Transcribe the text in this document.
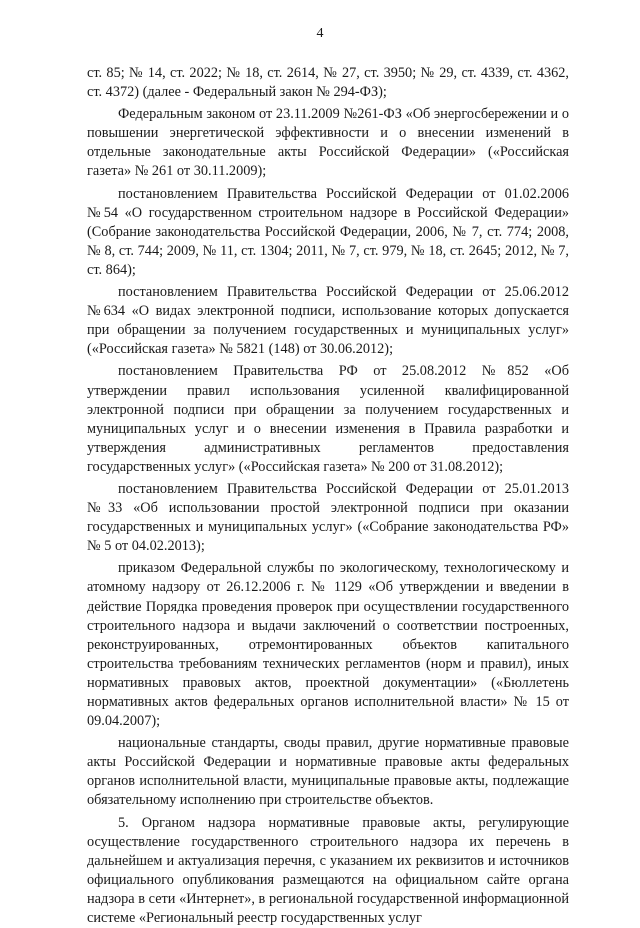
4

ст. 85; № 14, ст. 2022; № 18, ст. 2614, № 27, ст. 3950; № 29, ст. 4339, ст. 4362, ст. 4372) (далее - Федеральный закон № 294-ФЗ);

Федеральным законом от 23.11.2009 №261-ФЗ «Об энергосбережении и о повышении энергетической эффективности и о внесении изменений в отдельные законодательные акты Российской Федерации» («Российская газета» № 261 от 30.11.2009);

постановлением Правительства Российской Федерации от 01.02.2006 №54 «О государственном строительном надзоре в Российской Федерации» (Собрание законодательства Российской Федерации, 2006, № 7, ст. 774; 2008, № 8, ст. 744; 2009, № 11, ст. 1304; 2011, № 7, ст. 979, № 18, ст. 2645; 2012, № 7, ст. 864);

постановлением Правительства Российской Федерации от 25.06.2012 №634 «О видах электронной подписи, использование которых допускается при обращении за получением государственных и муниципальных услуг» («Российская газета» № 5821 (148) от 30.06.2012);

постановлением Правительства РФ от 25.08.2012 №852 «Об утверждении правил использования усиленной квалифицированной электронной подписи при обращении за получением государственных и муниципальных услуг и о внесении изменения в Правила разработки и утверждения административных регламентов предоставления государственных услуг» («Российская газета» № 200 от 31.08.2012);

постановлением Правительства Российской Федерации от 25.01.2013 №33 «Об использовании простой электронной подписи при оказании государственных и муниципальных услуг» («Собрание законодательства РФ» № 5 от 04.02.2013);

приказом Федеральной службы по экологическому, технологическому и атомному надзору от 26.12.2006 г. № 1129 «Об утверждении и введении в действие Порядка проведения проверок при осуществлении государственного строительного надзора и выдачи заключений о соответствии построенных, реконструированных, отремонтированных объектов капитального строительства требованиям технических регламентов (норм и правил), иных нормативных правовых актов, проектной документации» («Бюллетень нормативных актов федеральных органов исполнительной власти» № 15 от 09.04.2007);

национальные стандарты, своды правил, другие нормативные правовые акты Российской Федерации и нормативные правовые акты федеральных органов исполнительной власти, муниципальные правовые акты, подлежащие обязательному исполнению при строительстве объектов.

5. Органом надзора нормативные правовые акты, регулирующие осуществление государственного строительного надзора их перечень в дальнейшем и актуализация перечня, с указанием их реквизитов и источников официального опубликования размещаются на официальном сайте органа надзора в сети «Интернет», в региональной государственной информационной системе «Региональный реестр государственных услуг
